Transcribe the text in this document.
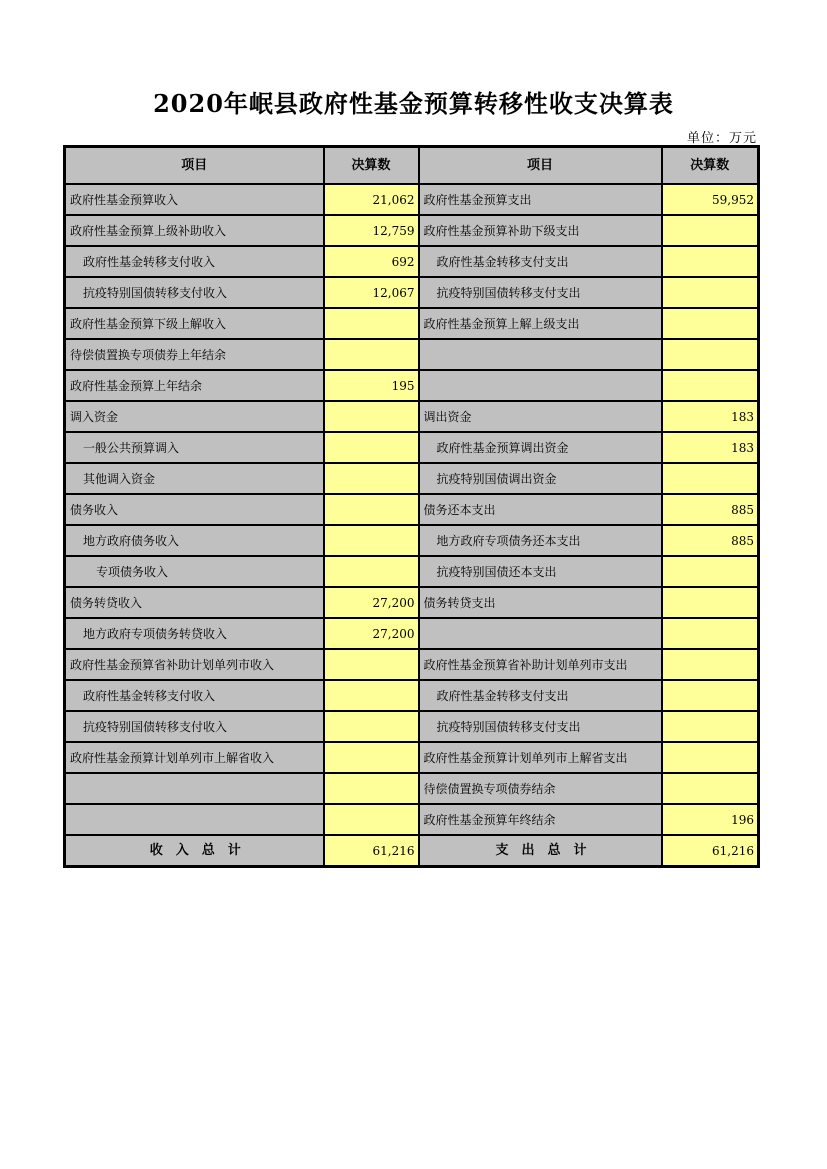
2020年岷县政府性基金预算转移性收支决算表
单位：万元
项目	决算数	项目	决算数
政府性基金预算收入	21,062	政府性基金预算支出	59,952
政府性基金预算上级补助收入	12,759	政府性基金预算补助下级支出	
政府性基金转移支付收入	692	政府性基金转移支付支出	
抗疫特别国债转移支付收入	12,067	抗疫特别国债转移支付支出	
政府性基金预算下级上解收入		政府性基金预算上解上级支出	
待偿债置换专项债券上年结余			
政府性基金预算上年结余	195		
调入资金		调出资金	183
一般公共预算调入		政府性基金预算调出资金	183
其他调入资金		抗疫特别国债调出资金	
债务收入		债务还本支出	885
地方政府债务收入		地方政府专项债务还本支出	885
专项债务收入		抗疫特别国债还本支出	
债务转贷收入	27,200	债务转贷支出	
地方政府专项债务转贷收入	27,200		
政府性基金预算省补助计划单列市收入		政府性基金预算省补助计划单列市支出	
政府性基金转移支付收入		政府性基金转移支付支出	
抗疫特别国债转移支付收入		抗疫特别国债转移支付支出	
政府性基金预算计划单列市上解省收入		政府性基金预算计划单列市上解省支出	
		待偿债置换专项债券结余	
		政府性基金预算年终结余	196
收　入　总　计	61,216	支　出　总　计	61,216
